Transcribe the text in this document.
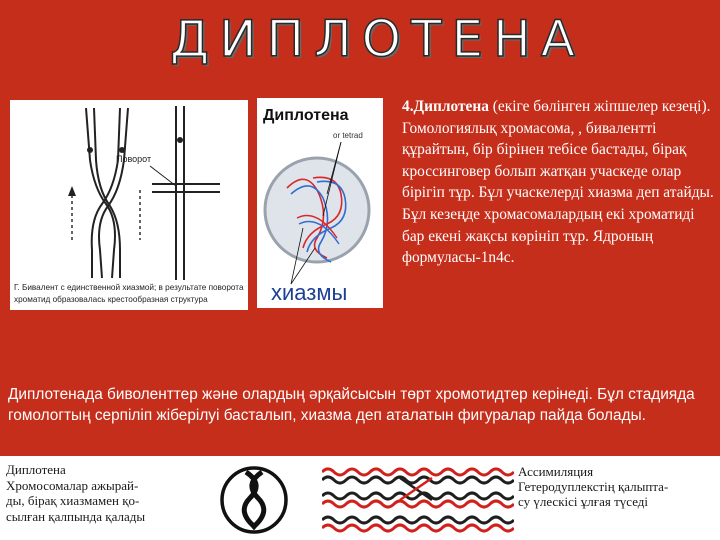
ДИПЛОТЕНА
Поворот
Г. Бивалент с единственной хиазмой; в результате поворота
хроматид образовалась крестообразная структура
Диплотена
or tetrad
хиазмы
4.Диплотена (екіге бөлінген жіпшелер кезеңі). Гомологиялық хромасома, , бивалентті құрайтын, бір бірінен тебісе бастады, бірақ кроссинговер болып жатқан учаскеде олар бірігіп тұр. Бұл учаскелерді хиазма деп атайды. Бұл кезеңде хромасомалардың екі хроматиді бар екені жақсы көрініп тұр. Ядроның формуласы-1n4c.
Диплотенада биволенттер және олардың әрқайсысын төрт хромотидтер керінеді. Бұл стадияда гомологтың серпіліп жіберілуі басталып, хиазма деп аталатын фигуралар пайда болады.
Диплотена
Хромосомалар ажырай-
ды, бірақ хиазмамен қо-
сылған қалпында қалады
Ассимиляция
Гетеродуплекстің қалыпта-
су үлескісі ұлғая түседі
